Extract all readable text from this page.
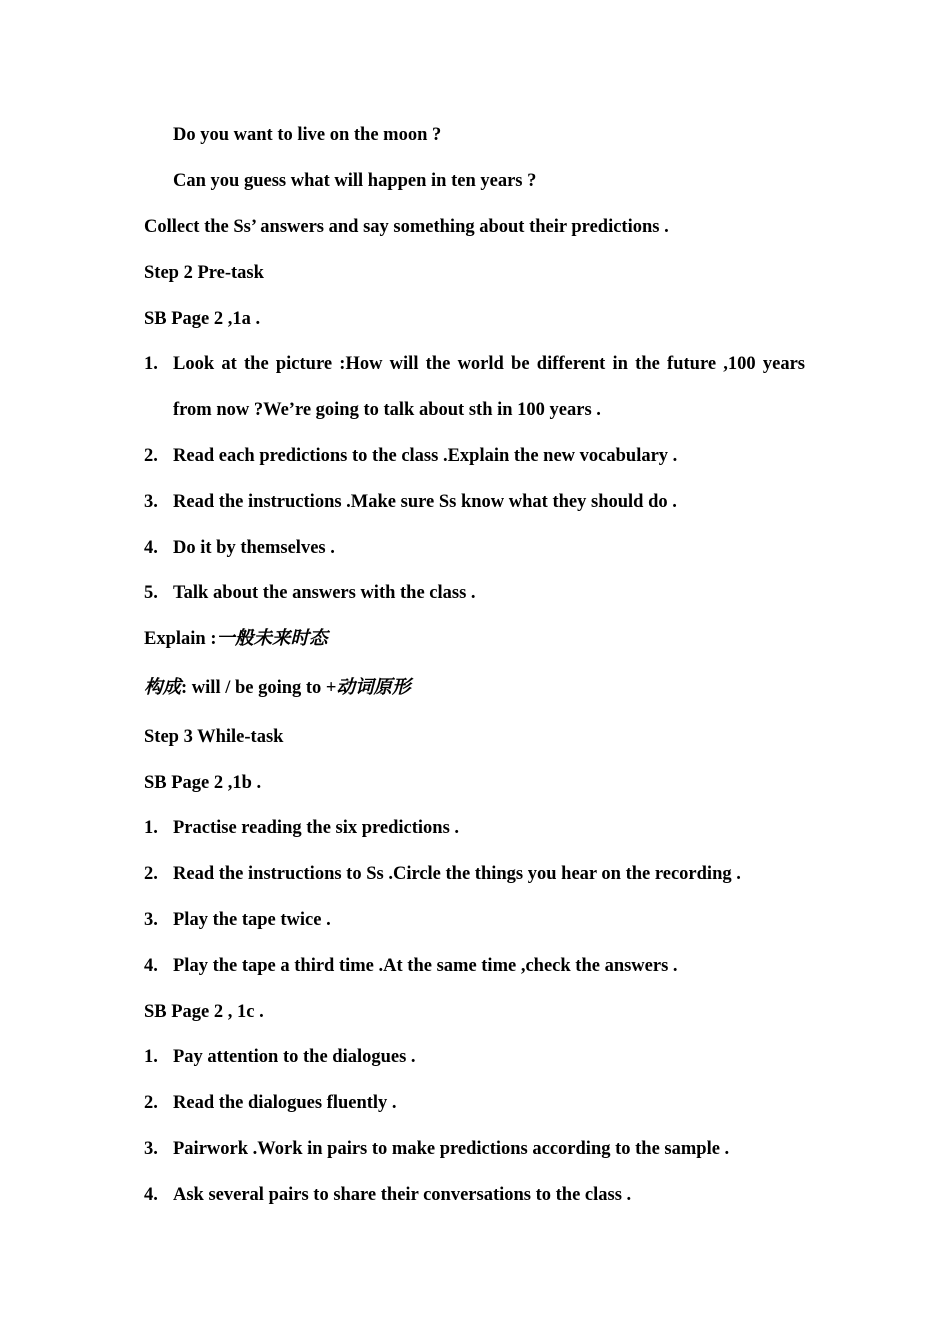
Do you want to live on the moon ?
Can you guess what will happen in ten years ?
Collect the Ss’ answers and say something about their predictions .
Step 2 Pre-task
SB Page 2 ,1a .
1. Look at the picture :How will the world be different in the future ,100 years
from now ?We’re going to talk about sth in 100 years .
2. Read each predictions to the class .Explain the new vocabulary .
3. Read the instructions .Make sure Ss know what they should do .
4. Do it by themselves .
5. Talk about the answers with the class .
Explain :一般未来时态
构成: will / be going to +动词原形
Step 3 While-task
SB Page 2 ,1b .
1. Practise reading the six predictions .
2. Read the instructions to Ss .Circle the things you hear on the recording .
3. Play the tape twice .
4. Play the tape a third time .At the same time ,check the answers .
SB Page 2 , 1c .
1. Pay attention to the dialogues .
2. Read the dialogues fluently .
3. Pairwork .Work in pairs to make predictions according to the sample .
4. Ask several pairs to share their conversations to the class .
